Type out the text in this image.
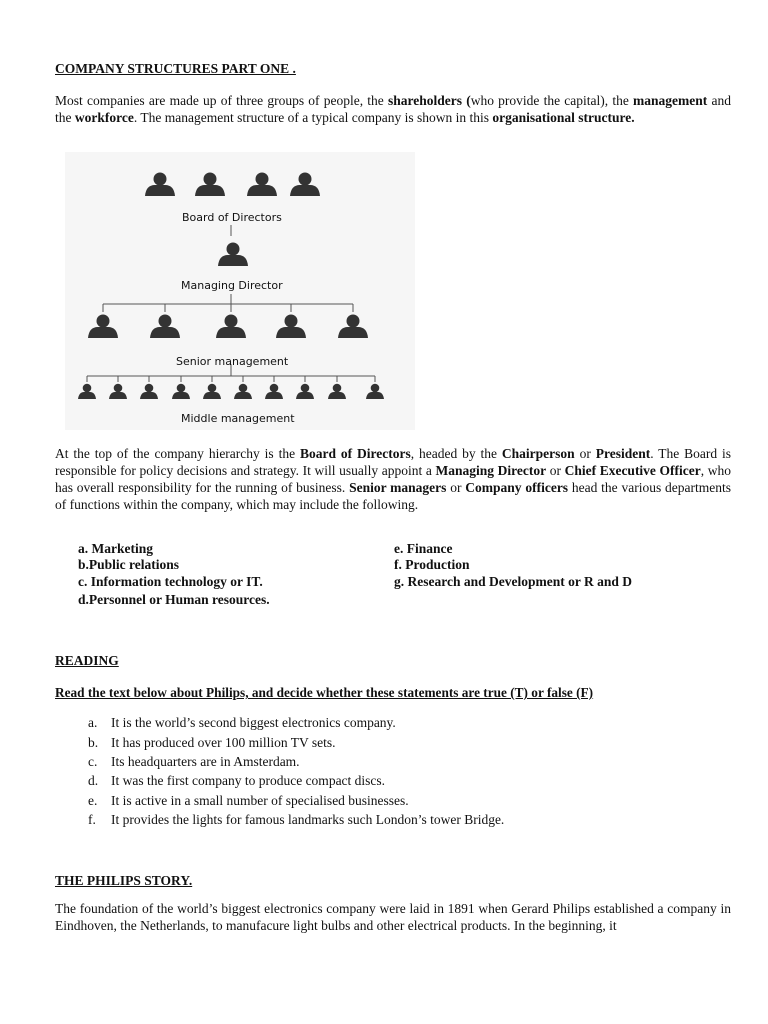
COMPANY STRUCTURES PART ONE .
Most companies are made up of three groups of people, the shareholders (who provide the capital), the management and the workforce. The management structure of a typical company is shown in this organisational structure.
Board of Directors
Managing Director
Senior management
Middle management
At the top of the company hierarchy is the Board of Directors, headed by the Chairperson or President. The Board is responsible for policy decisions and strategy. It will usually appoint a Managing Director or Chief Executive Officer, who has overall responsibility for the running of business. Senior managers or Company officers head the various departments of functions within the company, which may include the following.
a. Marketing
b.Public relations
c. Information technology or IT.
d.Personnel or Human resources.
e. Finance
f. Production
g. Research and Development or R and D
READING
Read the text below about Philips, and decide whether these statements are true (T) or false (F)
a. It is the world’s second biggest electronics company.
b. It has produced over 100 million TV sets.
c. Its headquarters are in Amsterdam.
d. It was the first company to produce compact discs.
e. It is active in a small number of specialised businesses.
f. It provides the lights for famous landmarks such London’s tower Bridge.
THE PHILIPS STORY.
The foundation of the world’s biggest electronics company were laid in 1891 when Gerard Philips established a company in Eindhoven, the Netherlands, to manufacure light bulbs and other electrical products. In the beginning, it
